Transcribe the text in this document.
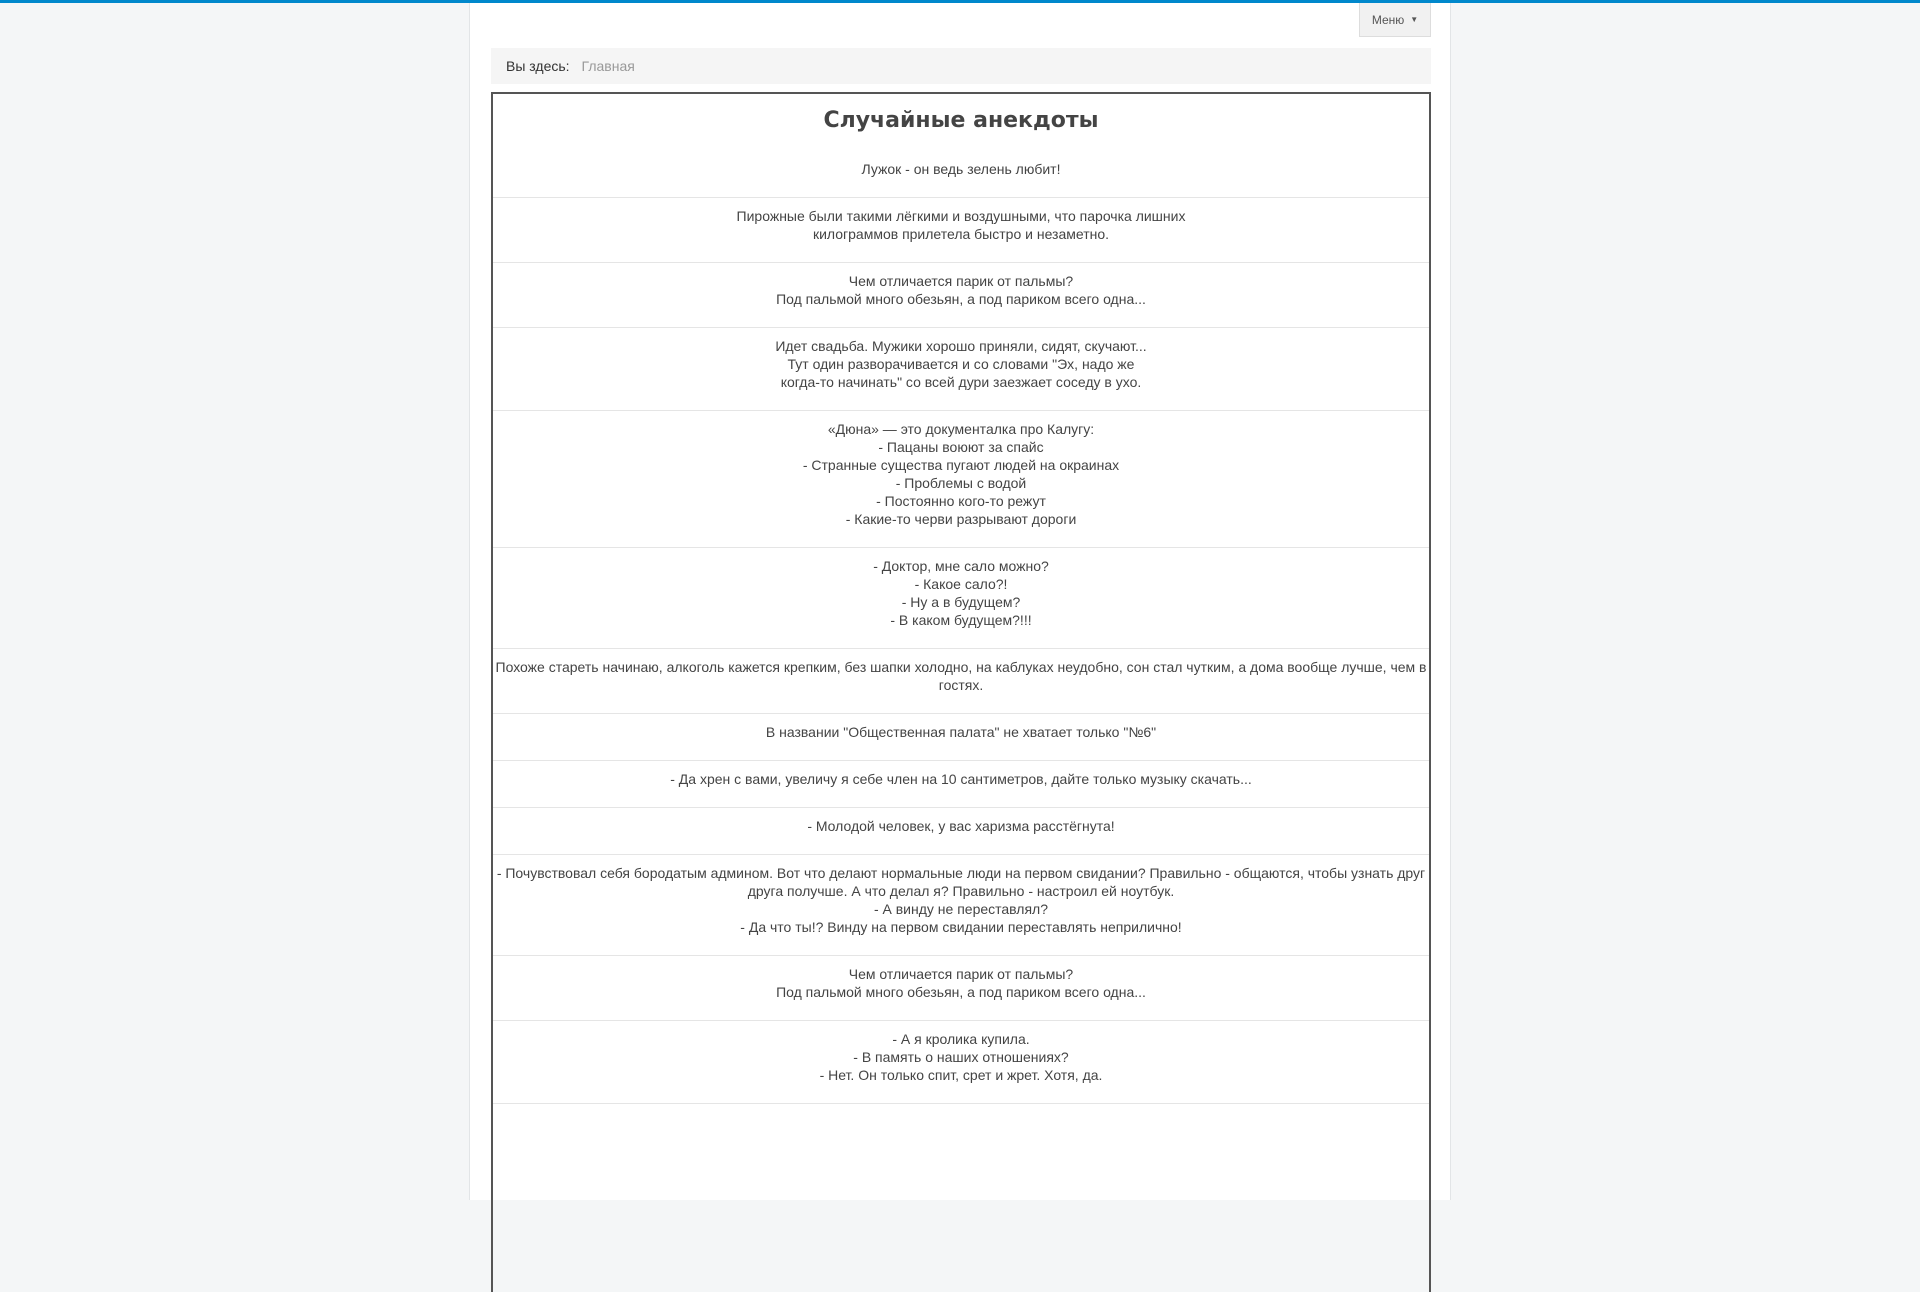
Меню ▼
Вы здесь: Главная
Случайные анекдоты
Лужок - он ведь зелень любит!
Пирожные были такими лёгкими и воздушными, что парочка лишних
килограммов прилетела быстро и незаметно.
Чем отличается парик от пальмы?
Под пальмой много обезьян, а под париком всего одна...
Идет свадьба. Мужики хорошо приняли, сидят, скучают...
Тут один разворачивается и со словами "Эх, надо же
когда-то начинать" со всей дури заезжает соседу в ухо.
«Дюна» — это документалка про Калугу:
- Пацаны воюют за спайс
- Странные существа пугают людей на окраинах
- Проблемы с водой
- Постоянно кого-то режут
- Какие-то черви разрывают дороги
- Доктор, мне сало можно?
- Какое сало?!
- Ну а в будущем?
- В каком будущем?!!!
Похоже стареть начинаю, алкоголь кажется крепким, без шапки холодно, на каблуках неудобно, сон стал чутким, а дома вообще лучше, чем в гостях.
В названии "Общественная палата" не хватает только "№6"
- Да хрен с вами, увеличу я себе член на 10 сантиметров, дайте только музыку скачать...
- Молодой человек, у вас харизма расстёгнута!
- Почувствовал себя бородатым админом. Вот что делают нормальные люди на первом свидании? Правильно - общаются, чтобы узнать друг друга получше. А что делал я? Правильно - настроил ей ноутбук.
- А винду не переставлял?
- Да что ты!? Винду на первом свидании переставлять неприлично!
Чем отличается парик от пальмы?
Под пальмой много обезьян, а под париком всего одна...
- А я кролика купила.
- В память о наших отношениях?
- Нет. Он только спит, срет и жрет. Хотя, да.
